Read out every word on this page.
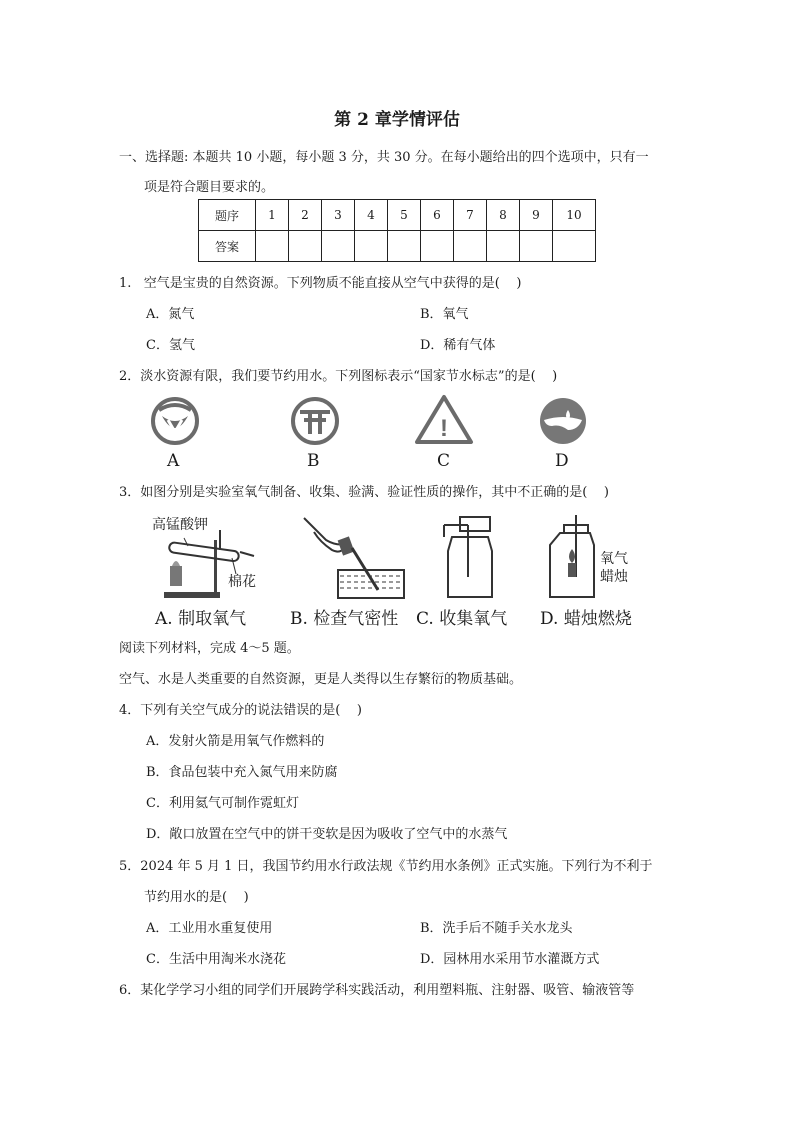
第 2 章学情评估
一、选择题: 本题共 10 小题，每小题 3 分，共 30 分。在每小题给出的四个选项中，只有一
项是符合题目要求的。
题序	1	2	3	4	5	6	7	8	9	10
答案										
1.   空气是宝贵的自然资源。下列物质不能直接从空气中获得的是(    )
A．氮气	B．氧气
C．氢气	D．稀有气体
2．淡水资源有限，我们要节约用水。下列图标表示“国家节水标志”的是(    )
!
A	B	C	D
3．如图分别是实验室氧气制备、收集、验满、验证性质的操作，其中不正确的是(    )
高锰酸钾
棉花
氧气
蜡烛
A. 制取氧气	B. 检查气密性 C. 收集氧气 D. 蜡烛燃烧
阅读下列材料，完成 4～5 题。
空气、水是人类重要的自然资源，更是人类得以生存繁衍的物质基础。
4．下列有关空气成分的说法错误的是(    )
A．发射火箭是用氧气作燃料的
B．食品包装中充入氮气用来防腐
C．利用氦气可制作霓虹灯
D．敞口放置在空气中的饼干变软是因为吸收了空气中的水蒸气
5．2024 年 5 月 1 日，我国节约用水行政法规《节约用水条例》正式实施。下列行为不利于
节约用水的是(    )
A．工业用水重复使用	B．洗手后不随手关水龙头
C．生活中用淘米水浇花	D．园林用水采用节水灌溉方式
6．某化学学习小组的同学们开展跨学科实践活动，利用塑料瓶、注射器、吸管、输液管等
